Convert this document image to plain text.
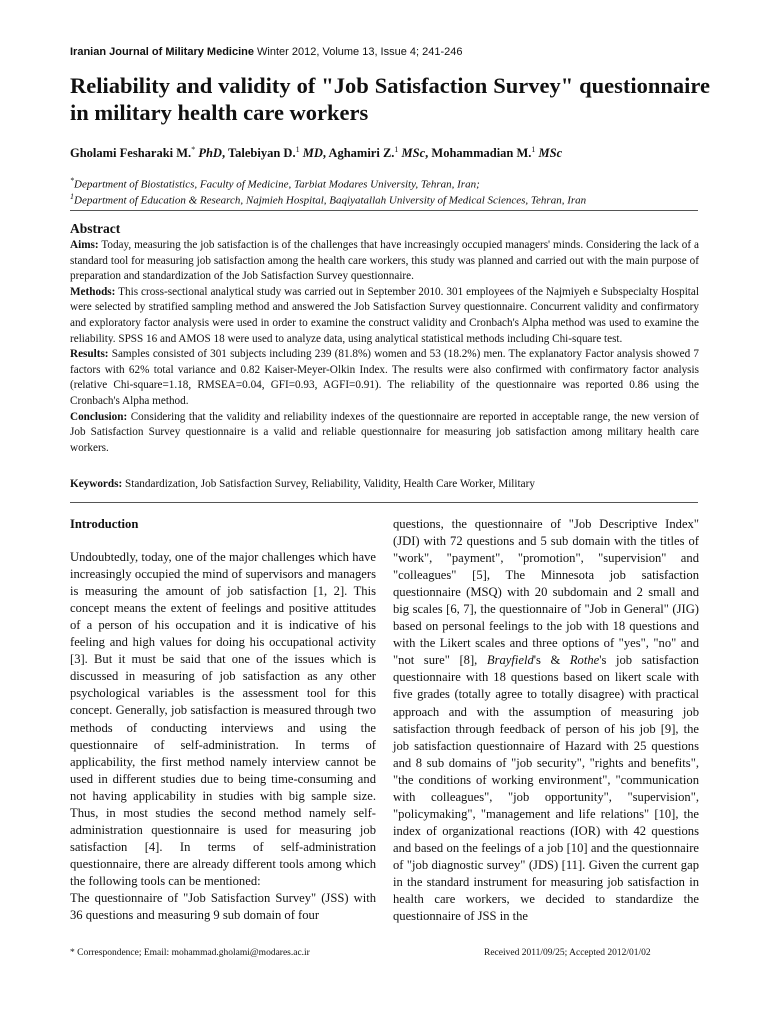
Iranian Journal of Military Medicine Winter 2012, Volume 13, Issue 4; 241-246
Reliability and validity of "Job Satisfaction Survey" questionnaire in military health care workers
Gholami Fesharaki M.* PhD, Talebiyan D.$^1$ MD, Aghamiri Z.$^1$ MSc, Mohammadian M.$^1$ MSc
*Department of Biostatistics, Faculty of Medicine, Tarbiat Modares University, Tehran, Iran;
$^1$Department of Education & Research, Najmieh Hospital, Baqiyatallah University of Medical Sciences, Tehran, Iran
Abstract

Aims: Today, measuring the job satisfaction is of the challenges that have increasingly occupied managers' minds. Considering the lack of a standard tool for measuring job satisfaction among the health care workers, this study was planned and carried out with the main purpose of preparation and standardization of the Job Satisfaction Survey questionnaire.

Methods: This cross-sectional analytical study was carried out in September 2010. 301 employees of the Najmiyeh e Subspecialty Hospital were selected by stratified sampling method and answered the Job Satisfaction Survey questionnaire. Concurrent validity and confirmatory and exploratory factor analysis were used in order to examine the construct validity and Cronbach's Alpha method was used to examine the reliability. SPSS 16 and AMOS 18 were used to analyze data, using analytical statistical methods including Chi-square test.

Results: Samples consisted of 301 subjects including 239 (81.8%) women and 53 (18.2%) men. The explanatory Factor analysis showed 7 factors with 62% total variance and 0.82 Kaiser-Meyer-Olkin Index. The results were also confirmed with confirmatory factor analysis (relative Chi-square=1.18, RMSEA=0.04, GFI=0.93, AGFI=0.91). The reliability of the questionnaire was reported 0.86 using the Cronbach's Alpha method.

Conclusion: Considering that the validity and reliability indexes of the questionnaire are reported in acceptable range, the new version of Job Satisfaction Survey questionnaire is a valid and reliable questionnaire for measuring job satisfaction among military health care workers.

Keywords: Standardization, Job Satisfaction Survey, Reliability, Validity, Health Care Worker, Military

Introduction

Undoubtedly, today, one of the major challenges which have increasingly occupied the mind of supervisors and managers is measuring the amount of job satisfaction [1, 2]. This concept means the extent of feelings and positive attitudes of a person of his occupation and it is indicative of his feeling and high values for doing his occupational activity [3]. But it must be said that one of the issues which is discussed in measuring of job satisfaction as any other psychological variables is the assessment tool for this concept. Generally, job satisfaction is measured through two methods of conducting interviews and using the questionnaire of self-administration. In terms of applicability, the first method namely interview cannot be used in different studies due to being time-consuming and not having applicability in studies with big sample size. Thus, in most studies the second method namely self-administration questionnaire is used for measuring job satisfaction [4]. In terms of self-administration questionnaire, there are already different tools among which the following tools can be mentioned:

The questionnaire of "Job Satisfaction Survey" (JSS) with 36 questions and measuring 9 sub domain of four

questions, the questionnaire of "Job Descriptive Index" (JDI) with 72 questions and 5 sub domain with the titles of "work", "payment", "promotion", "supervision" and "colleagues" [5], The Minnesota job satisfaction questionnaire (MSQ) with 20 subdomain and 2 small and big scales [6, 7], the questionnaire of "Job in General" (JIG) based on personal feelings to the job with 18 questions and with the Likert scales and three options of "yes", "no" and "not sure" [8], Brayfield's & Rothe's job satisfaction questionnaire with 18 questions based on likert scale with five grades (totally agree to totally disagree) with practical approach and with the assumption of measuring job satisfaction through feedback of person of his job [9], the job satisfaction questionnaire of Hazard with 25 questions and 8 sub domains of "job security", "rights and benefits", "the conditions of working environment", "communication with colleagues", "job opportunity", "supervision", "policymaking", "management and life relations" [10], the index of organizational reactions (IOR) with 42 questions and based on the feelings of a job [10] and the questionnaire of "job diagnostic survey" (JDS) [11]. Given the current gap in the standard instrument for measuring job satisfaction in health care workers, we decided to standardize the questionnaire of JSS in the

* Correspondence; Email: mohammad.gholami@modares.ac.ir	Received 2011/09/25; Accepted 2012/01/02
